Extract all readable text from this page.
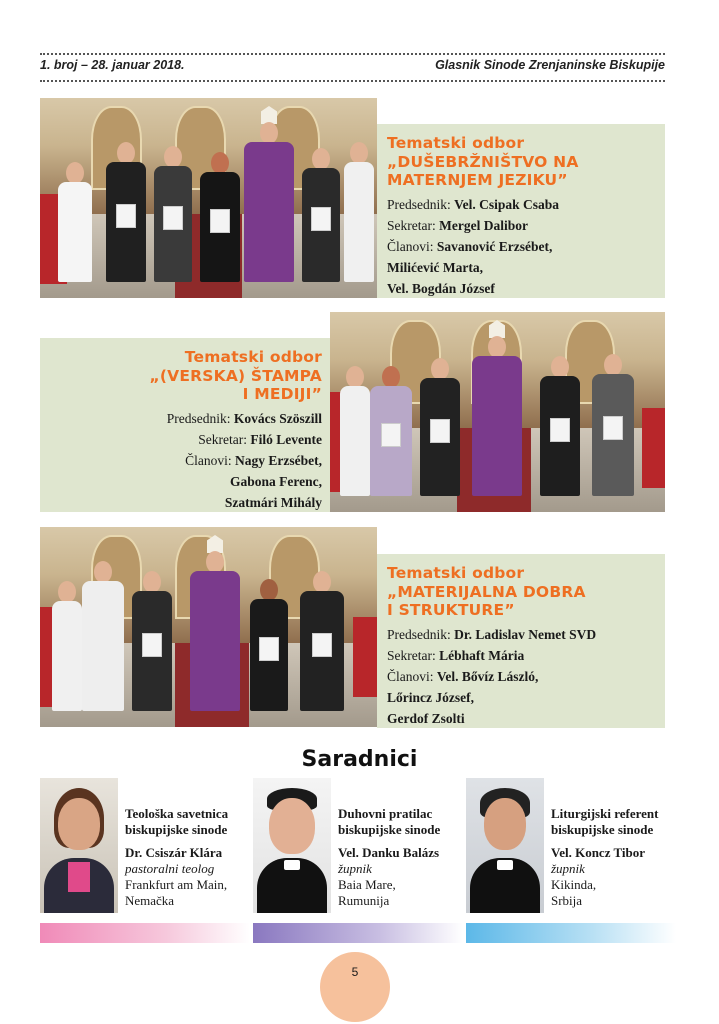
1. broj – 28. januar 2018.	Glasnik Sinode Zrenjaninske Biskupije
Tematski odbor
„DUŠEBRŽNIŠTVO NA
MATERNJEM JEZIKU”
Predsednik: Vel. Csipak Csaba
Sekretar: Mergel Dalibor
Članovi: Savanović Erzsébet,
Milićević Marta,
Vel. Bogdán József
Tematski odbor
„(VERSKA) ŠTAMPA
I MEDIJI”
Predsednik: Kovács Szöszill
Sekretar: Filó Levente
Članovi: Nagy Erzsébet,
Gabona Ferenc,
Szatmári Mihály
Tematski odbor
„MATERIJALNA DOBRA
I STRUKTURE”
Predsednik: Dr. Ladislav Nemet SVD
Sekretar: Lébhaft Mária
Članovi: Vel. Bővíz László,
Lőrincz József,
Gerdof Zsolti
Saradnici
Teološka savetnica
biskupijske sinode
Dr. Csiszár Klára
pastoralni teolog
Frankfurt am Main,
Nemačka
Duhovni pratilac
biskupijske sinode
Vel. Danku Balázs
župnik
Baia Mare,
Rumunija
Liturgijski referent
biskupijske sinode
Vel. Koncz Tibor
župnik
Kikinda,
Srbija
5
